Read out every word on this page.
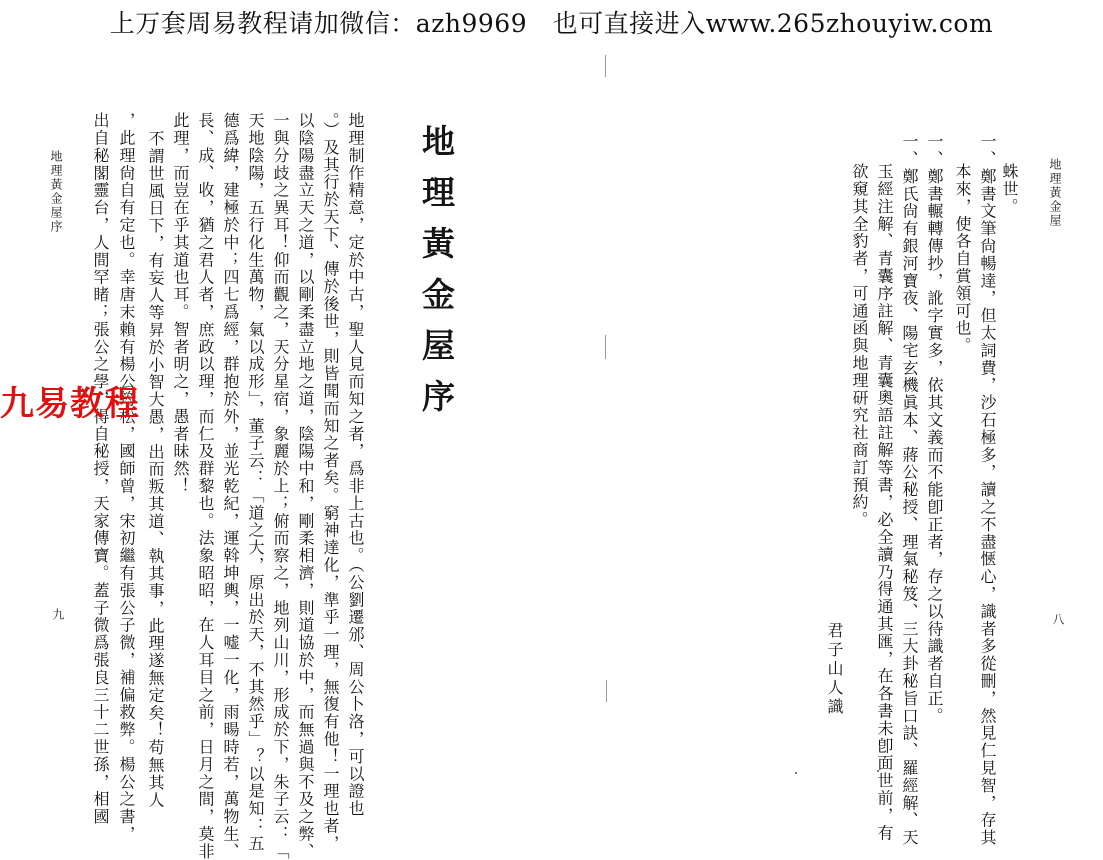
上万套周易教程请加微信：azh9969　也可直接进入www.265zhouyiw.com
地理黃金屋
八
蛛世。
一、鄭書文筆尙暢達，但太詞費，沙石極多，讀之不盡愜心，識者多從刪，然見仁見智，存其
本來，使各自賞領可也。
一、鄭書輾轉傳抄，訛字實多，依其文義而不能卽正者，存之以待識者自正。
一、鄭氏尙有銀河寶夜、陽宅玄機眞本、蔣公秘授、理氣秘笈、三大卦秘旨口訣、羅經解、天
玉經注解、青囊序註解、青囊奧語註解等書，必全讀乃得通其匯，在各書未卽面世前，有
欲窺其全豹者，可通函與地理研究社商訂預約。
君子山人識
地理黃金屋序
地理制作精意，定於中古，聖人見而知之者，爲非上古也。（公劉遷邠、周公卜洛，可以證也
。）及其行於天下、傳於後世，則皆聞而知之者矣。窮神達化，準乎一理，無復有他！一理也者，
以陰陽盡立天之道，以剛柔盡立地之道，陰陽中和，剛柔相濟，則道協於中，而無過與不及之弊、
一與分歧之異耳！仰而觀之，天分星宿，象麗於上；俯而察之，地列山川，形成於下，朱子云：「
天地陰陽，五行化生萬物，氣以成形」，董子云：「道之大，原出於天，不其然乎」？以是知：五
德爲緯，建極於中；四七爲經，群抱於外，並光乾紀，運斡坤輿，一嘘一化，雨暘時若，萬物生、
長、成、收，猶之君人者，庶政以理，而仁及群黎也。法象昭昭，在人耳目之前，日月之間，莫非
此理，而豈在乎其道也耳。智者明之，愚者昧然！
不謂世風日下，有妄人等昇於小智大愚，出而叛其道、執其事，此理遂無定矣！苟無其人
，此理尙自有定也。幸唐末賴有楊公筠松，國師曾，宋初繼有張公子微，補偏救弊。楊公之書，
出自秘閣靈台，人間罕睹；張公之學，得自秘授，天家傳寶。蓋子微爲張良三十二世孫，相國
地理黃金屋序
九
九易教程
